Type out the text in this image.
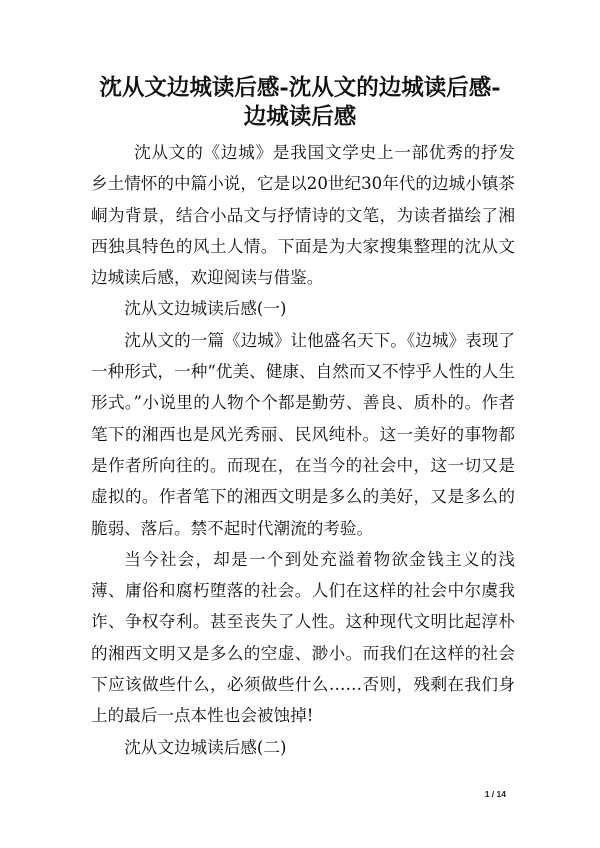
沈从文边城读后感-沈从文的边城读后感-边城读后感

沈从文的《边城》是我国文学史上一部优秀的抒发乡土情怀的中篇小说，它是以20世纪30年代的边城小镇茶峒为背景，结合小品文与抒情诗的文笔，为读者描绘了湘西独具特色的风土人情。下面是为大家搜集整理的沈从文边城读后感，欢迎阅读与借鉴。

沈从文边城读后感(一)

沈从文的一篇《边城》让他盛名天下。《边城》表现了一种形式，一种“优美、健康、自然而又不悖乎人性的人生形式。”小说里的人物个个都是勤劳、善良、质朴的。作者笔下的湘西也是风光秀丽、民风纯朴。这一美好的事物都是作者所向往的。而现在，在当今的社会中，这一切又是虚拟的。作者笔下的湘西文明是多么的美好，又是多么的脆弱、落后。禁不起时代潮流的考验。

当今社会，却是一个到处充溢着物欲金钱主义的浅薄、庸俗和腐朽堕落的社会。人们在这样的社会中尔虞我诈、争权夺利。甚至丧失了人性。这种现代文明比起淳朴的湘西文明又是多么的空虚、渺小。而我们在这样的社会下应该做些什么，必须做些什么……否则，残剩在我们身上的最后一点本性也会被蚀掉!

沈从文边城读后感(二)

1 / 14
